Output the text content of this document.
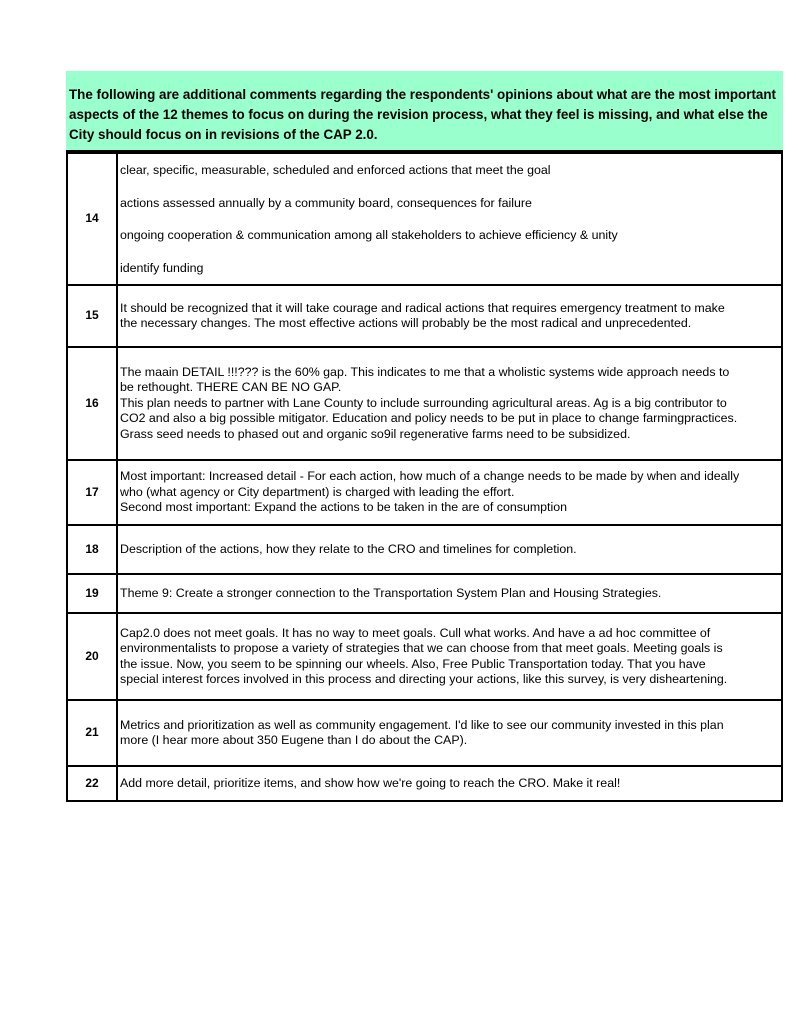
The following are additional comments regarding the respondents' opinions about what are the most important aspects of the 12 themes to focus on during the revision process, what they feel is missing, and what else the City should focus on in revisions of the CAP 2.0.
14	clear, specific, measurable, scheduled and enforced actions that meet the goal
actions assessed annually by a community board, consequences for failure
ongoing cooperation & communication among all stakeholders to achieve efficiency & unity
identify funding

15	It should be recognized that it will take courage and radical actions that requires emergency treatment to make
the necessary changes. The most effective actions will probably be the most radical and unprecedented.
16	The maain DETAIL !!!??? is the 60% gap. This indicates to me that a wholistic systems wide approach needs to
be rethought. THERE CAN BE NO GAP.
This plan needs to partner with Lane County to include surrounding agricultural areas. Ag is a big contributor to
CO2 and also a big possible mitigator. Education and policy needs to be put in place to change farmingpractices.
Grass seed needs to phased out and organic so9il regenerative farms need to be subsidized.
17	Most important: Increased detail - For each action, how much of a change needs to be made by when and ideally
who (what agency or City department) is charged with leading the effort.
Second most important: Expand the actions to be taken in the are of consumption
18	Description of the actions, how they relate to the CRO and timelines for completion.
19	Theme 9: Create a stronger connection to the Transportation System Plan and Housing Strategies.
20	Cap2.0 does not meet goals. It has no way to meet goals. Cull what works. And have a ad hoc committee of
environmentalists to propose a variety of strategies that we can choose from that meet goals. Meeting goals is
the issue. Now, you seem to be spinning our wheels. Also, Free Public Transportation today. That you have
special interest forces involved in this process and directing your actions, like this survey, is very disheartening.
21	Metrics and prioritization as well as community engagement. I'd like to see our community invested in this plan
more (I hear more about 350 Eugene than I do about the CAP).
22	Add more detail, prioritize items, and show how we're going to reach the CRO. Make it real!
